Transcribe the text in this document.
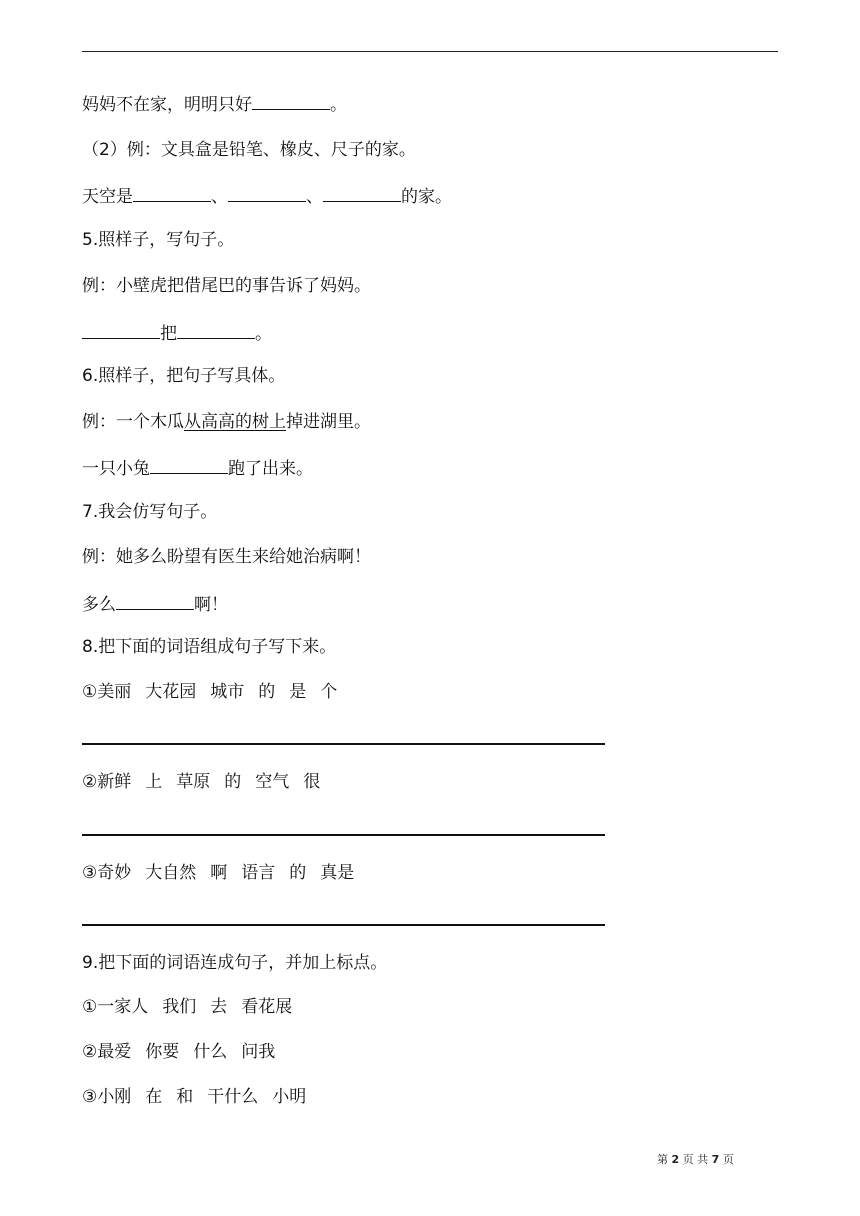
妈妈不在家，明明只好	。
（2）例：文具盒是铅笔、橡皮、尺子的家。
天空是	、	、	的家。
5.照样子，写句子。
例：小壁虎把借尾巴的事告诉了妈妈。
把	。
6.照样子，把句子写具体。
例：一个木瓜从高高的树上掉进湖里。
一只小兔	跑了出来。
7.我会仿写句子。
例：她多么盼望有医生来给她治病啊！
多么	啊！
8.把下面的词语组成句子写下来。
①美丽 大花园 城市 的 是 个
②新鲜 上 草原 的 空气 很
③奇妙 大自然 啊 语言 的 真是
9.把下面的词语连成句子，并加上标点。
①一家人 我们 去 看花展
②最爱 你要 什么 问我
③小刚 在 和 干什么 小明
第 2 页 共 7 页
